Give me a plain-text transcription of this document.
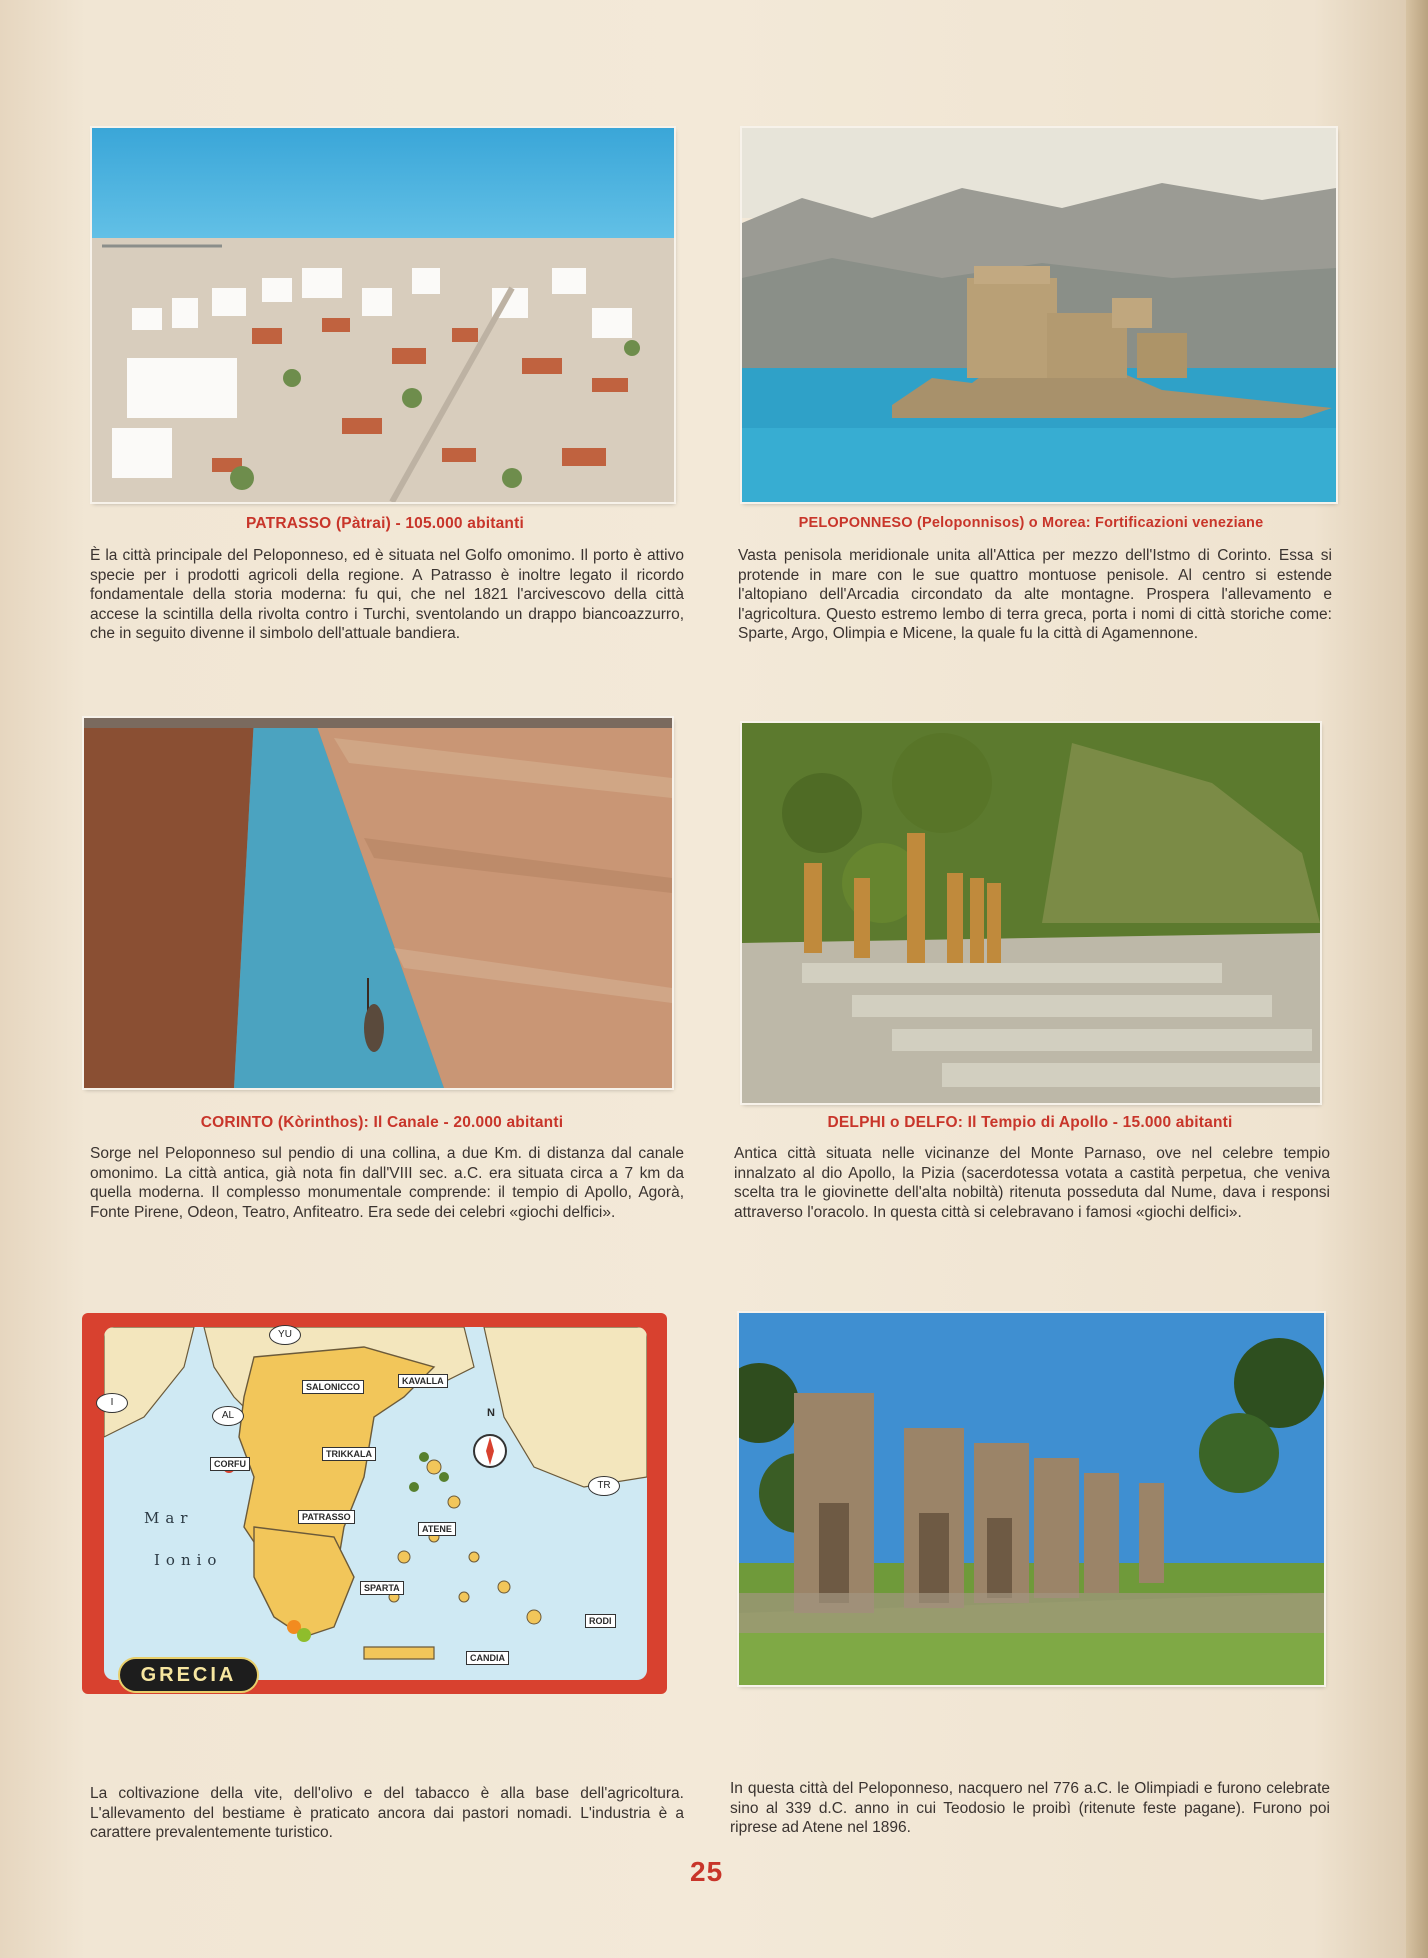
PATRASSO (Pàtrai) - 105.000 abitanti	PELOPONNESO (Peloponnisos) o Morea: Fortificazioni veneziane
È la città principale del Peloponneso, ed è situata nel Golfo omonimo. Il porto è attivo specie per i prodotti agricoli della regione. A Patrasso è inoltre legato il ricordo fondamentale della storia moderna: fu qui, che nel 1821 l'arcivescovo della città accese la scintilla della rivolta contro i Turchi, sventolando un drappo biancoazzurro, che in seguito divenne il simbolo dell'attuale bandiera.
Vasta penisola meridionale unita all'Attica per mezzo dell'Istmo di Corinto. Essa si protende in mare con le sue quattro montuose penisole. Al centro si estende l'altopiano dell'Arcadia circondato da alte montagne. Prospera l'allevamento e l'agricoltura. Questo estremo lembo di terra greca, porta i nomi di città storiche come: Sparte, Argo, Olimpia e Micene, la quale fu la città di Agamennone.
CORINTO (Kòrinthos): Il Canale - 20.000 abitanti	DELPHI o DELFO: Il Tempio di Apollo - 15.000 abitanti
Sorge nel Peloponneso sul pendio di una collina, a due Km. di distanza dal canale omonimo. La città antica, già nota fin dall'VIII sec. a.C. era situata circa a 7 km da quella moderna. Il complesso monumentale comprende: il tempio di Apollo, Agorà, Fonte Pirene, Odeon, Teatro, Anfiteatro. Era sede dei celebri «giochi delfici».
Antica città situata nelle vicinanze del Monte Parnaso, ove nel celebre tempio innalzato al dio Apollo, la Pizia (sacerdotessa votata a castità perpetua, che veniva scelta tra le giovinette dell'alta nobiltà) ritenuta posseduta dal Nume, dava i responsi attraverso l'oracolo. In questa città si celebravano i famosi «giochi delfici».
I
AL
YU
TR
N
SALONICCO
KAVALLA
CORFU
TRIKKALA
PATRASSO
ATENE
SPARTA
RODI
CANDIA
Mar
Ionio
GRECIA
La coltivazione della vite, dell'olivo e del tabacco è alla base dell'agricoltura. L'allevamento del bestiame è praticato ancora dai pastori nomadi. L'industria è a carattere prevalentemente turistico.
In questa città del Peloponneso, nacquero nel 776 a.C. le Olimpiadi e furono celebrate sino al 339 d.C. anno in cui Teodosio le proibì (ritenute feste pagane). Furono poi riprese ad Atene nel 1896.
25
